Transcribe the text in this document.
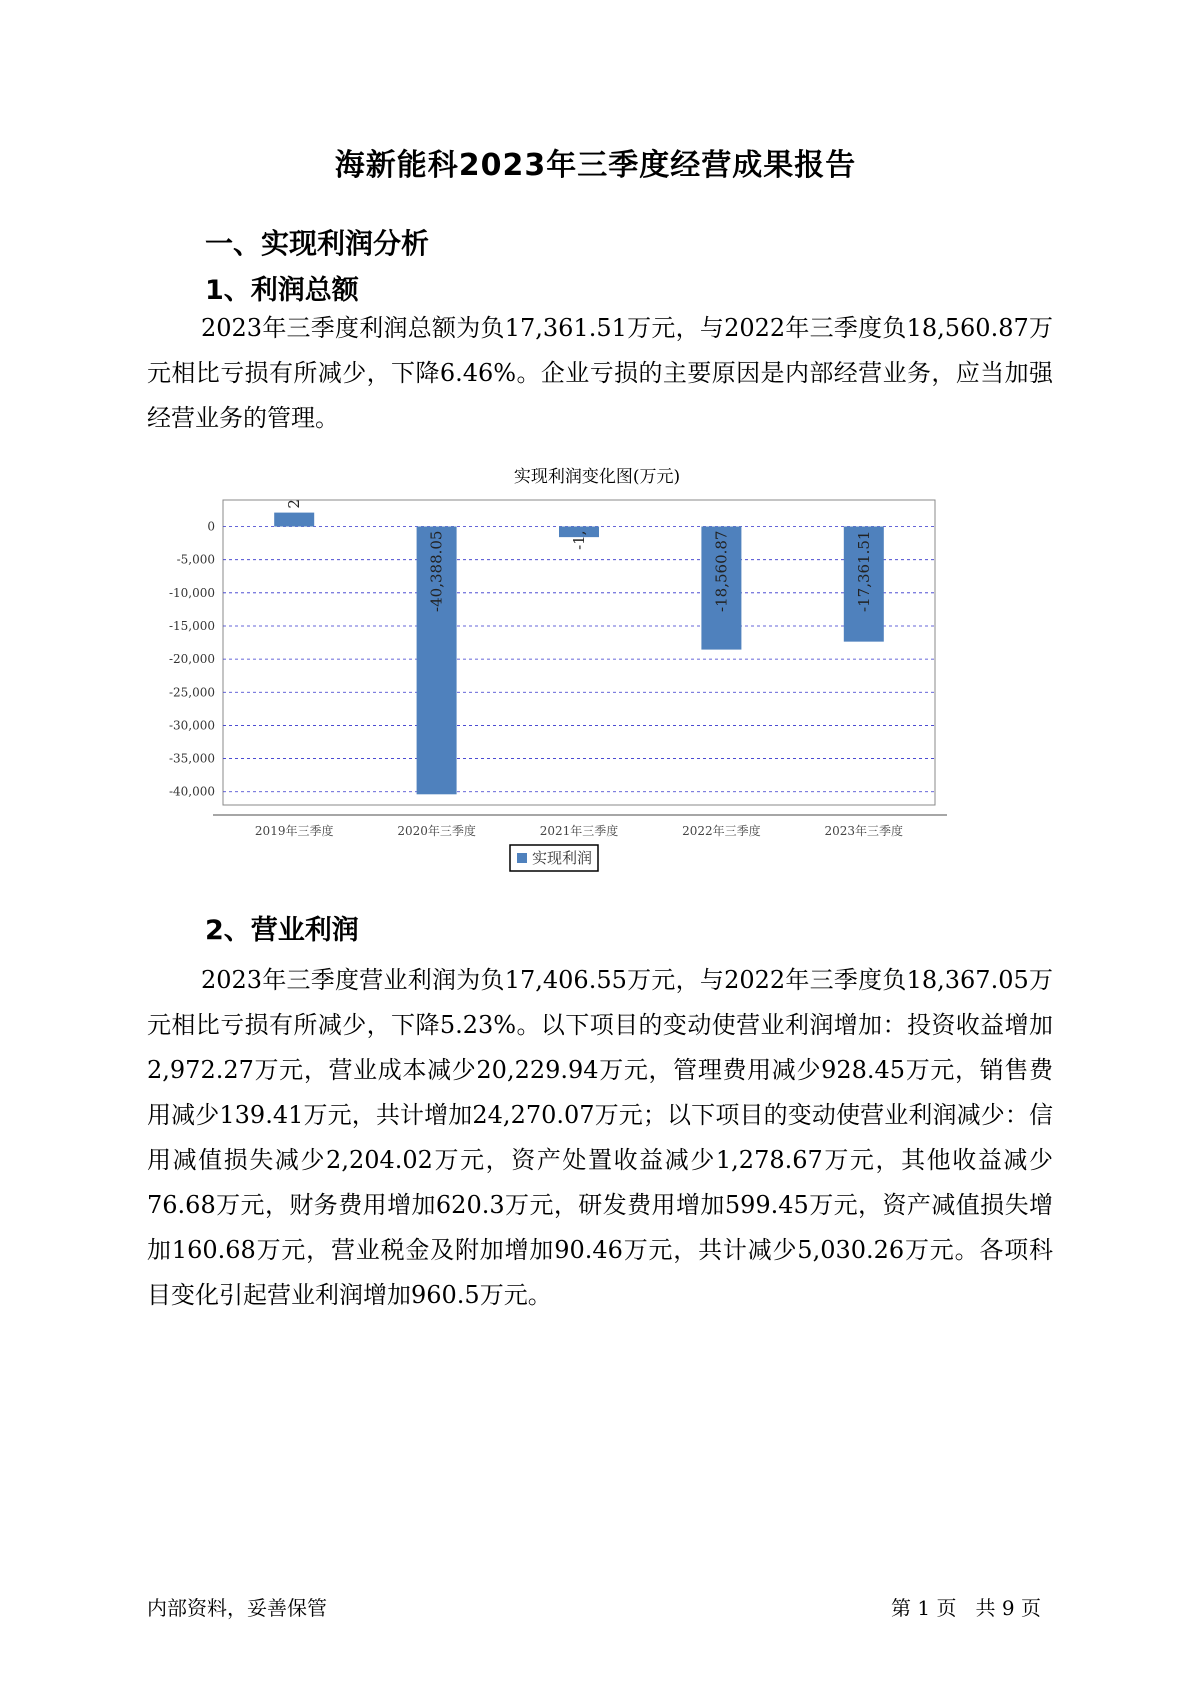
海新能科2023年三季度经营成果报告
一、实现利润分析
1、利润总额

2023年三季度利润总额为负17,361.51万元，与2022年三季度负18,560.87万元相比亏损有所减少，下降6.46%。企业亏损的主要原因是内部经营业务，应当加强经营业务的管理。

实现利润变化图(万元)
0
-5,000
-10,000
-15,000
-20,000
-25,000
-30,000
-35,000
-40,000
2
-40,388.05	-1,	-18,560.87	-17,361.51
2019年三季度	2020年三季度	2021年三季度	2022年三季度	2023年三季度
实现利润
2、营业利润

2023年三季度营业利润为负17,406.55万元，与2022年三季度负18,367.05万元相比亏损有所减少，下降5.23%。以下项目的变动使营业利润增加：投资收益增加2,972.27万元，营业成本减少20,229.94万元，管理费用减少928.45万元，销售费用减少139.41万元，共计增加24,270.07万元；以下项目的变动使营业利润减少：信用减值损失减少2,204.02万元，资产处置收益减少1,278.67万元，其他收益减少76.68万元，财务费用增加620.3万元，研发费用增加599.45万元，资产减值损失增加160.68万元，营业税金及附加增加90.46万元，共计减少5,030.26万元。各项科目变化引起营业利润增加960.5万元。

内部资料，妥善保管	第 1 页   共 9 页
